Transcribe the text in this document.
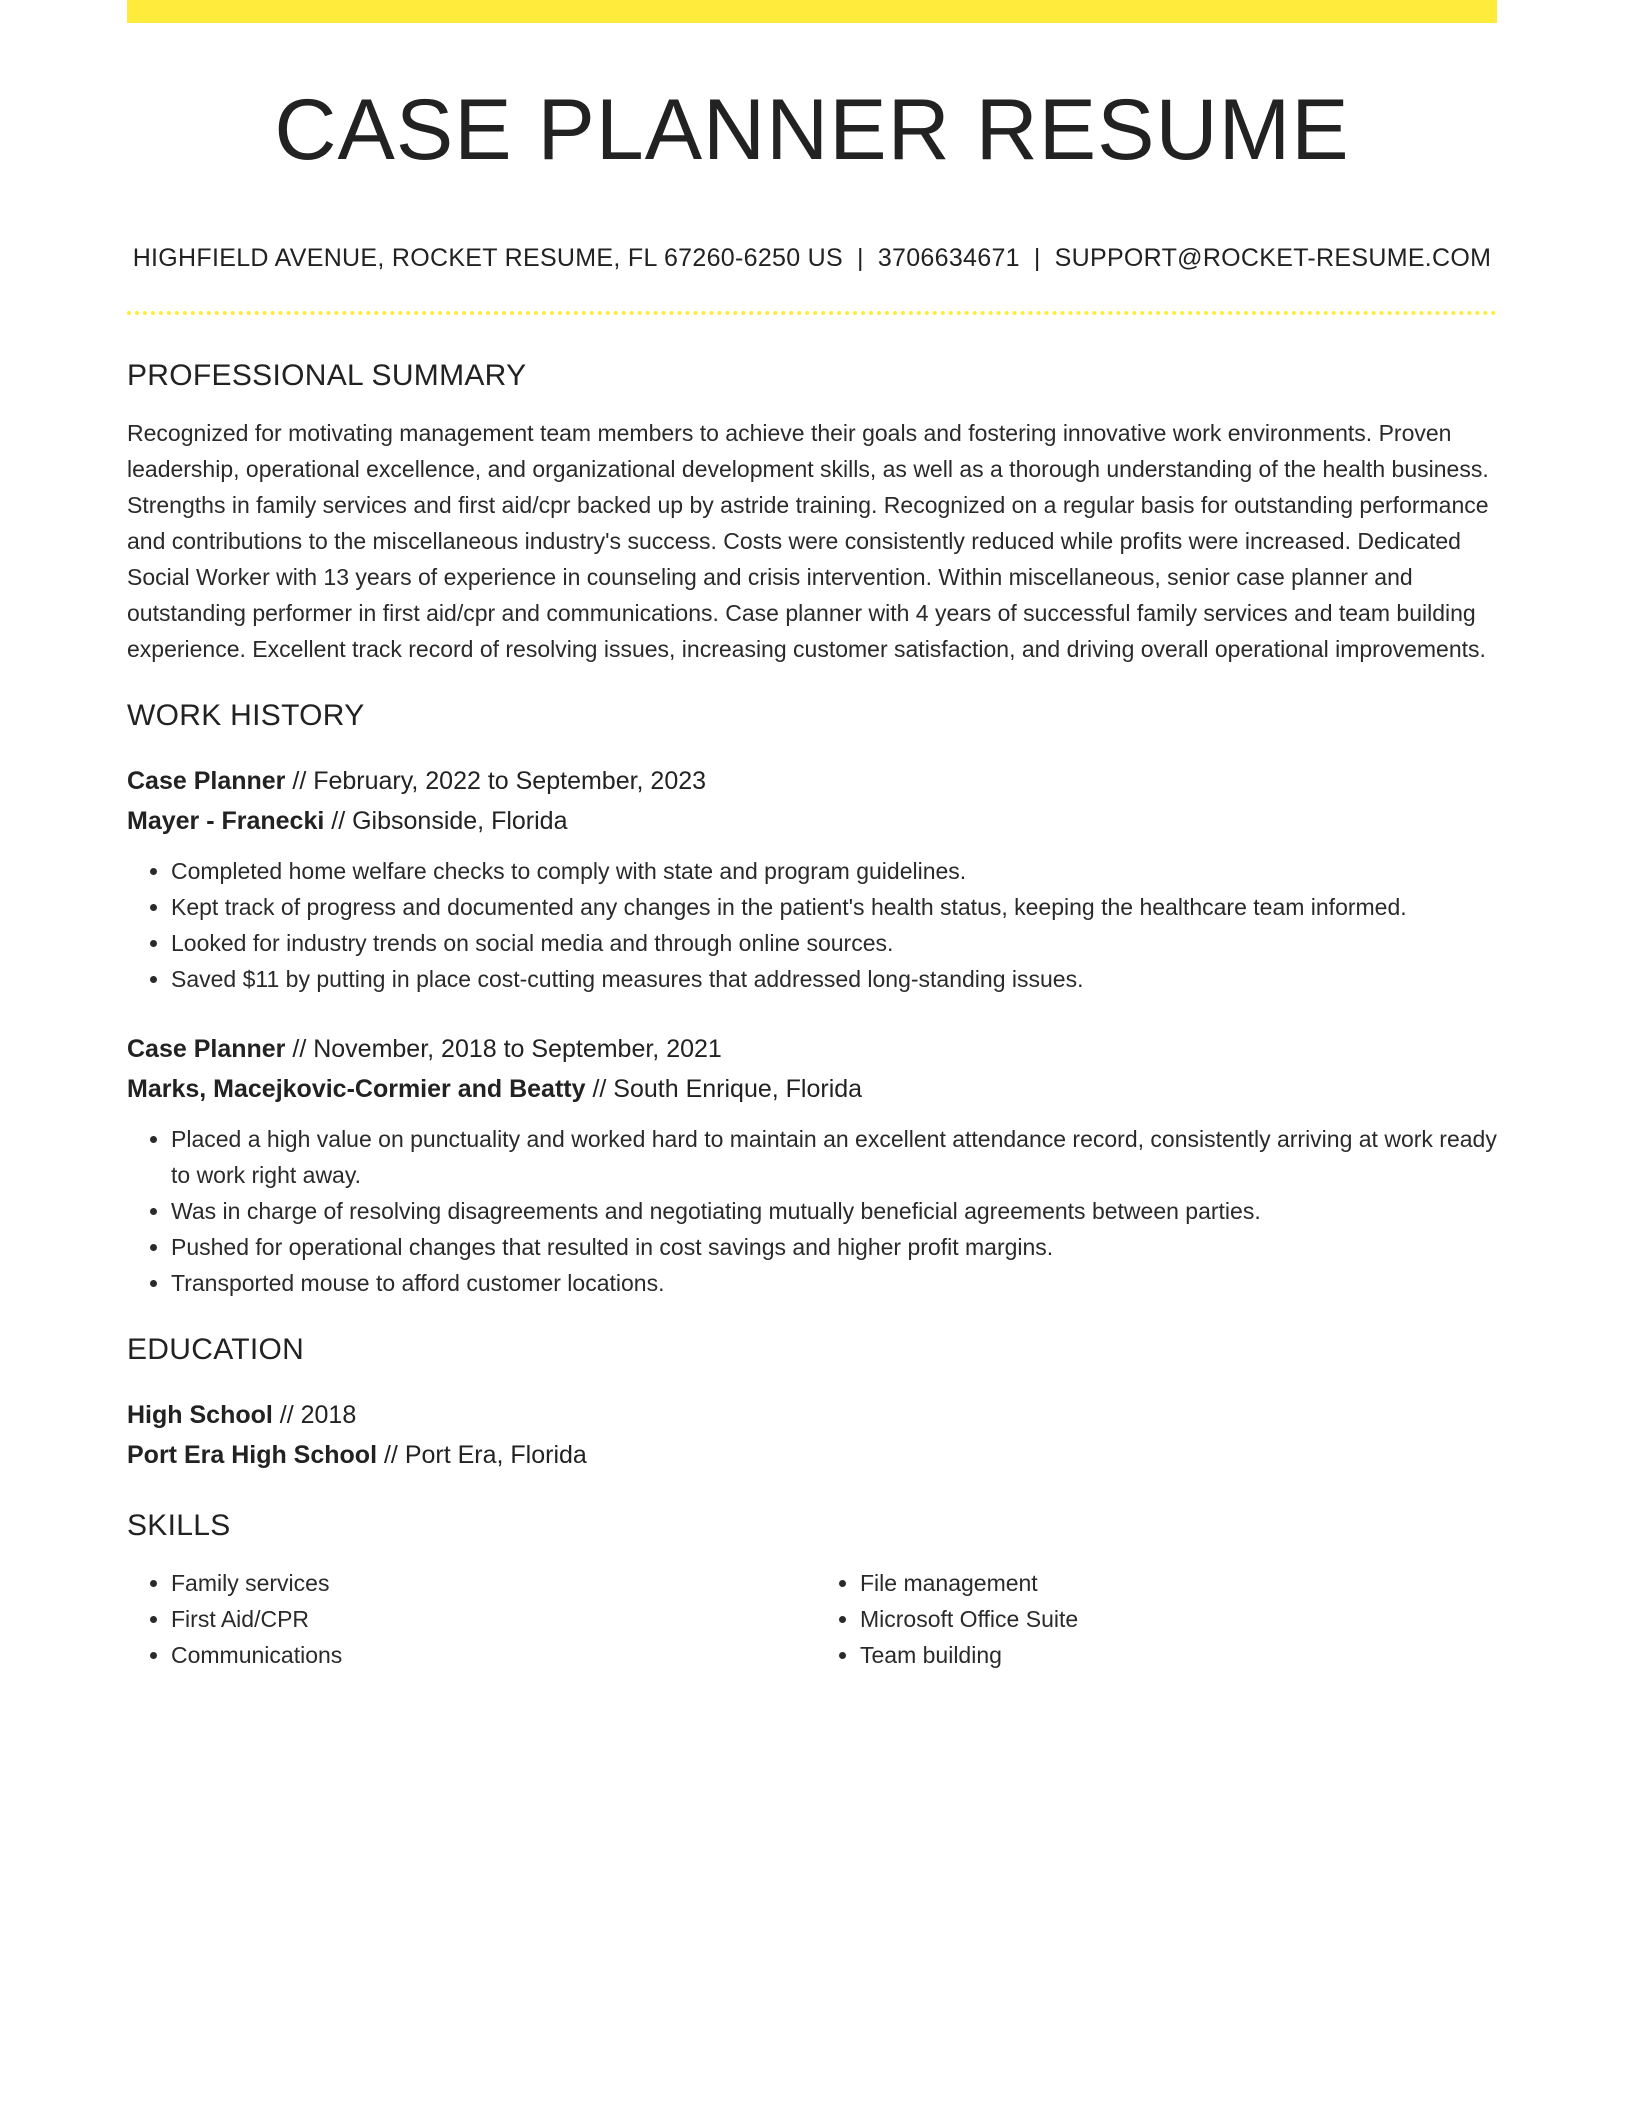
CASE PLANNER RESUME
HIGHFIELD AVENUE, ROCKET RESUME, FL 67260-6250 US | 3706634671 | SUPPORT@ROCKET-RESUME.COM
PROFESSIONAL SUMMARY

Recognized for motivating management team members to achieve their goals and fostering innovative work environments. Proven leadership, operational excellence, and organizational development skills, as well as a thorough understanding of the health business. Strengths in family services and first aid/cpr backed up by astride training. Recognized on a regular basis for outstanding performance and contributions to the miscellaneous industry's success. Costs were consistently reduced while profits were increased. Dedicated Social Worker with 13 years of experience in counseling and crisis intervention. Within miscellaneous, senior case planner and outstanding performer in first aid/cpr and communications. Case planner with 4 years of successful family services and team building experience. Excellent track record of resolving issues, increasing customer satisfaction, and driving overall operational improvements.

WORK HISTORY
Case Planner // February, 2022 to September, 2023
Mayer - Franecki // Gibsonside, Florida
• Completed home welfare checks to comply with state and program guidelines.
• Kept track of progress and documented any changes in the patient's health status, keeping the healthcare team informed.
• Looked for industry trends on social media and through online sources.
• Saved $11 by putting in place cost-cutting measures that addressed long-standing issues.
Case Planner // November, 2018 to September, 2021
Marks, Macejkovic-Cormier and Beatty // South Enrique, Florida
• Placed a high value on punctuality and worked hard to maintain an excellent attendance record, consistently arriving at work ready to work right away.
• Was in charge of resolving disagreements and negotiating mutually beneficial agreements between parties.
• Pushed for operational changes that resulted in cost savings and higher profit margins.
• Transported mouse to afford customer locations.
EDUCATION
High School // 2018
Port Era High School // Port Era, Florida
SKILLS
• Family services
• First Aid/CPR
• Communications
• File management
• Microsoft Office Suite
• Team building
